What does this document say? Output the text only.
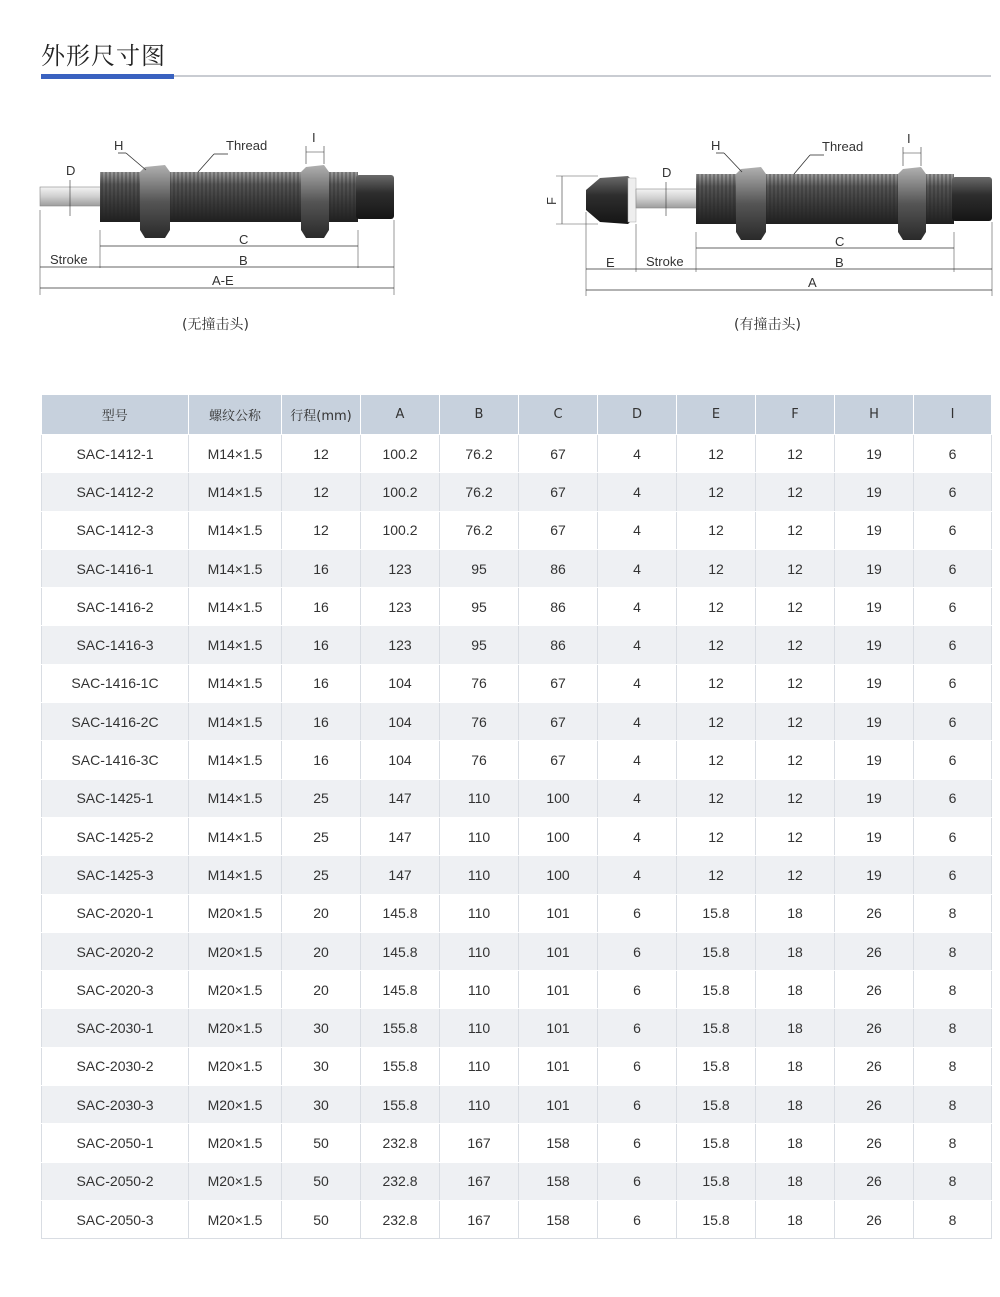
外形尺寸图
H	Thread
I
D
C
Stroke	B
A-E
H	Thread
I
D
F
C
E Stroke	B
A
(无撞击头)	(有撞击头)
型号	螺纹公称	行程(mm)	A	B	C	D	E	F	H	I
SAC-1412-1	M14×1.5	12	100.2	76.2	67	4	12	12	19	6
SAC-1412-2	M14×1.5	12	100.2	76.2	67	4	12	12	19	6
SAC-1412-3	M14×1.5	12	100.2	76.2	67	4	12	12	19	6
SAC-1416-1	M14×1.5	16	123	95	86	4	12	12	19	6
SAC-1416-2	M14×1.5	16	123	95	86	4	12	12	19	6
SAC-1416-3	M14×1.5	16	123	95	86	4	12	12	19	6
SAC-1416-1C	M14×1.5	16	104	76	67	4	12	12	19	6
SAC-1416-2C	M14×1.5	16	104	76	67	4	12	12	19	6
SAC-1416-3C	M14×1.5	16	104	76	67	4	12	12	19	6
SAC-1425-1	M14×1.5	25	147	110	100	4	12	12	19	6
SAC-1425-2	M14×1.5	25	147	110	100	4	12	12	19	6
SAC-1425-3	M14×1.5	25	147	110	100	4	12	12	19	6
SAC-2020-1	M20×1.5	20	145.8	110	101	6	15.8	18	26	8
SAC-2020-2	M20×1.5	20	145.8	110	101	6	15.8	18	26	8
SAC-2020-3	M20×1.5	20	145.8	110	101	6	15.8	18	26	8
SAC-2030-1	M20×1.5	30	155.8	110	101	6	15.8	18	26	8
SAC-2030-2	M20×1.5	30	155.8	110	101	6	15.8	18	26	8
SAC-2030-3	M20×1.5	30	155.8	110	101	6	15.8	18	26	8
SAC-2050-1	M20×1.5	50	232.8	167	158	6	15.8	18	26	8
SAC-2050-2	M20×1.5	50	232.8	167	158	6	15.8	18	26	8
SAC-2050-3	M20×1.5	50	232.8	167	158	6	15.8	18	26	8
